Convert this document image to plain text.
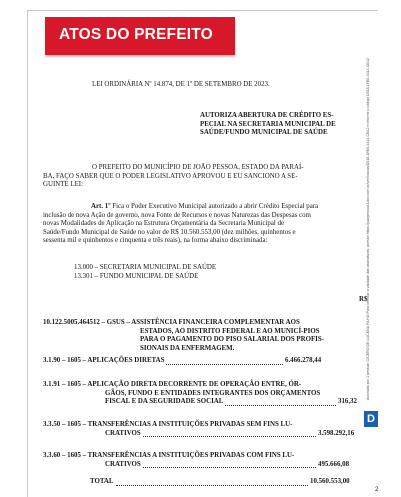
ATOS DO PREFEITO
LEI ORDINÁRIA Nº 14.874, DE 1º DE SETEMBRO DE 2023.
AUTORIZA ABERTURA DE CRÉDITO ES-
PECIAL NA SECRETARIA MUNICIPAL DE
SAÚDE/FUNDO MUNICIPAL DE SAÚDE
O PREFEITO DO MUNICÍPIO DE JOÃO PESSOA, ESTADO DA PARAÍ-
BA, FAÇO SABER QUE O PODER LEGISLATIVO APROVOU E EU SANCIONO A SE-
GUINTE LEI:
Art. 1º Fica o Poder Executivo Municipal autorizado a abrir Crédito Especial para
inclusão de nova Ação de governo, nova Fonte de Recursos e novas Naturezas das Despesas com
novas Modalidades de Aplicação na Estrutura Orçamentária da Secretaria Municipal de
Saúde/Fundo Municipal de Saúde no valor de R$ 10.560.553,00 (dez milhões, quinhentos e
sessenta mil e quinhentos e cinquenta e três reais), na forma abaixo discriminada:
13.000 – SECRETARIA MUNICIPAL DE SAÚDE
13.301 – FUNDO MUNICIPAL DE SAÚDE
R$
10.122.5005.464512 – GSUS – ASSISTÊNCIA FINANCEIRA COMPLEMENTAR AOS
ESTADOS, AO DISTRITO FEDERAL E AO MUNICÍ-PIOS
PARA O PAGAMENTO DO PISO SALARIAL DOS PROFIS-
SIONAIS DA ENFERMAGEM.
3.1.90 – 1605 – APLICAÇÕES DIRETAS	6.466.278,44
3.1.91 – 1605 – APLICAÇÃO DIRETA DECORRENTE DE OPERAÇÃO ENTRE, ÓR-
GÃOS, FUNDO E ENTIDADES INTEGRANTES DOS ORÇAMENTOS
FISCAL E DA SEGURIDADE SOCIAL	316,32
3.3.50 – 1605 – TRANSFERÊNCIAS A INSTITUIÇÕES PRIVADAS SEM FINS LU-
CRATIVOS	3.598.292,16
3.3.60 – 1605 – TRANSFERÊNCIAS A INSTITUIÇÕES PRIVADAS COM FINS LU-
CRATIVOS	495.666,08
TOTAL	10.560.553,00
Assinado por 1 pessoa: CICERO DE LUCENA FILHO Para verificar a validade das assinaturas, acesse https://joaopessoa.1doc.com.br/verificacao/D518-1FB0-4314-CB42 e informe o código D518-1FB0-4314-CB42
D
2
